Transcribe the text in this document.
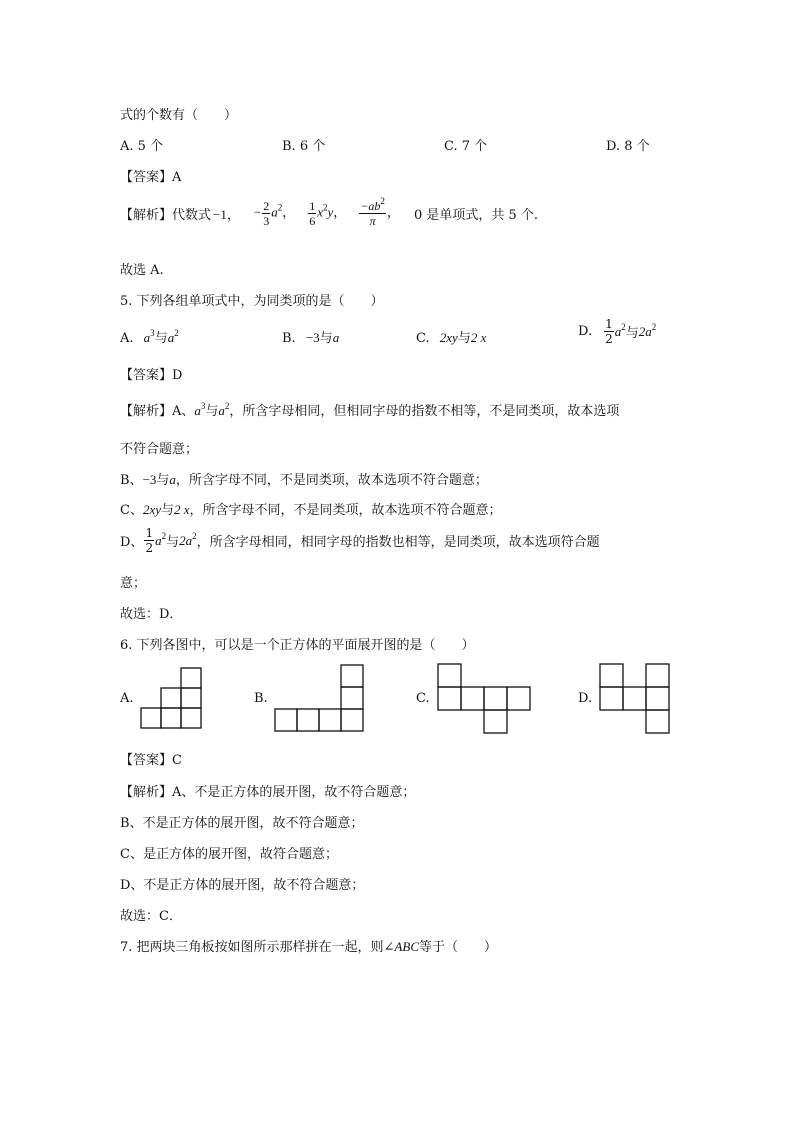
式的个数有（　　）
A. 5 个	B. 6 个	C. 7 个	D. 8 个
【答案】A
【解析】 代数式 −1， − $\frac{2}{3} a^2$， $\frac{1}{6} x^2y$， $\frac{-ab^2}{\pi}$ ， 0 是单项式，共 5 个.
故选 A.
5. 下列各组单项式中，为同类项的是（　　）
A. $a^3$与$a^2$	B. −3与a	C. 2xy与2 x	D. $\frac{1}{2} a^2$ 与 $2a^2$
【答案】D
【解析】A、$a^3$与$a^2$，所含字母相同，但相同字母的指数不相等，不是同类项，故本选项
不符合题意；
B、−3与a，所含字母不同，不是同类项，故本选项不符合题意；
C、2xy与2 x，所含字母不同，不是同类项，故本选项不符合题意；
D、 $\frac{1}{2} a^2$ 与 $2a^2$ ，所含字母相同，相同字母的指数也相等，是同类项，故本选项符合题
意；
故选：D．
6. 下列各图中，可以是一个正方体的平面展开图的是（　　）
A.	B.	C.	D.
【答案】C
【解析】A、不是正方体的展开图，故不符合题意；
B、不是正方体的展开图，故不符合题意；
C、是正方体的展开图，故符合题意；
D、不是正方体的展开图，故不符合题意；
故选：C．
7. 把两块三角板按如图所示那样拼在一起，则∠ABC等于（　　）
